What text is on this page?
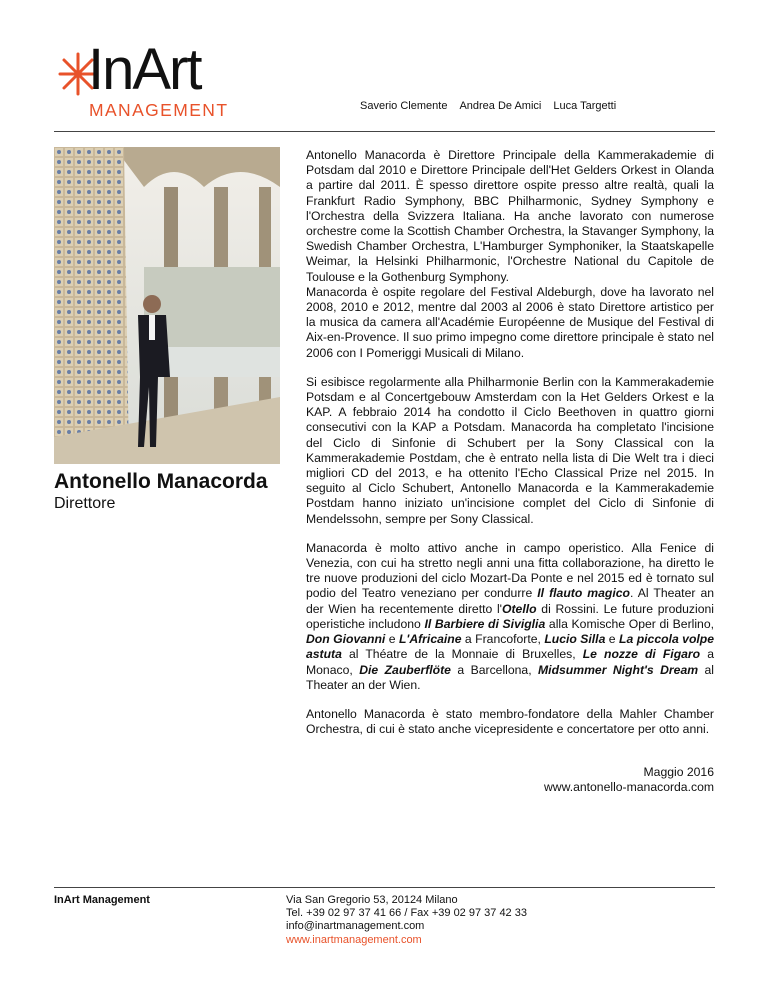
InArt
MANAGEMENT	Saverio Clemente Andrea De Amici Luca Targetti
Antonello Manacorda
Direttore

Antonello Manacorda è Direttore Principale della Kammerakademie di Potsdam dal 2010 e Direttore Principale dell'Het Gelders Orkest in Olanda a partire dal 2011. È spesso direttore ospite presso altre realtà, quali la Frankfurt Radio Symphony, BBC Philharmonic, Sydney Symphony e l'Orchestra della Svizzera Italiana. Ha anche lavorato con numerose orchestre come la Scottish Chamber Orchestra, la Stavanger Symphony, la Swedish Chamber Orchestra, L'Hamburger Symphoniker, la Staatskapelle Weimar, la Helsinki Philharmonic, l'Orchestre National du Capitole de Toulouse e la Gothenburg Symphony.

Manacorda è ospite regolare del Festival Aldeburgh, dove ha lavorato nel 2008, 2010 e 2012, mentre dal 2003 al 2006 è stato Direttore artistico per la musica da camera all'Académie Européenne de Musique del Festival di Aix-en-Provence. Il suo primo impegno come direttore principale è stato nel 2006 con I Pomeriggi Musicali di Milano.

Si esibisce regolarmente alla Philharmonie Berlin con la Kammerakademie Potsdam e al Concertgebouw Amsterdam con la Het Gelders Orkest e la KAP. A febbraio 2014 ha condotto il Ciclo Beethoven in quattro giorni consecutivi con la KAP a Potsdam. Manacorda ha completato l'incisione del Ciclo di Sinfonie di Schubert per la Sony Classical con la Kammerakademie Postdam, che è entrato nella lista di Die Welt tra i dieci migliori CD del 2013, e ha ottenito l'Echo Classical Prize nel 2015. In seguito al Ciclo Schubert, Antonello Manacorda e la Kammerakademie Postdam hanno iniziato un'incisione complet del Ciclo di Sinfonie di Mendelssohn, sempre per Sony Classical.

Manacorda è molto attivo anche in campo operistico. Alla Fenice di Venezia, con cui ha stretto negli anni una fitta collaborazione, ha diretto le tre nuove produzioni del ciclo Mozart-Da Ponte e nel 2015 ed è tornato sul podio del Teatro veneziano per condurre Il flauto magico. Al Theater an der Wien ha recentemente diretto l'Otello di Rossini. Le future produzioni operistiche includono Il Barbiere di Siviglia alla Komische Oper di Berlino, Don Giovanni e L'Africaine a Francoforte, Lucio Silla e La piccola volpe astuta al Théatre de la Monnaie di Bruxelles, Le nozze di Figaro a Monaco, Die Zauberflöte a Barcellona, Midsummer Night's Dream al Theater an der Wien.

Antonello Manacorda è stato membro-fondatore della Mahler Chamber Orchestra, di cui è stato anche vicepresidente e concertatore per otto anni.

Maggio 2016
www.antonello-manacorda.com
InArt Management	Via San Gregorio 53, 20124 Milano
Tel. +39 02 97 37 41 66 / Fax +39 02 97 37 42 33
info@inartmanagement.com
www.inartmanagement.com
